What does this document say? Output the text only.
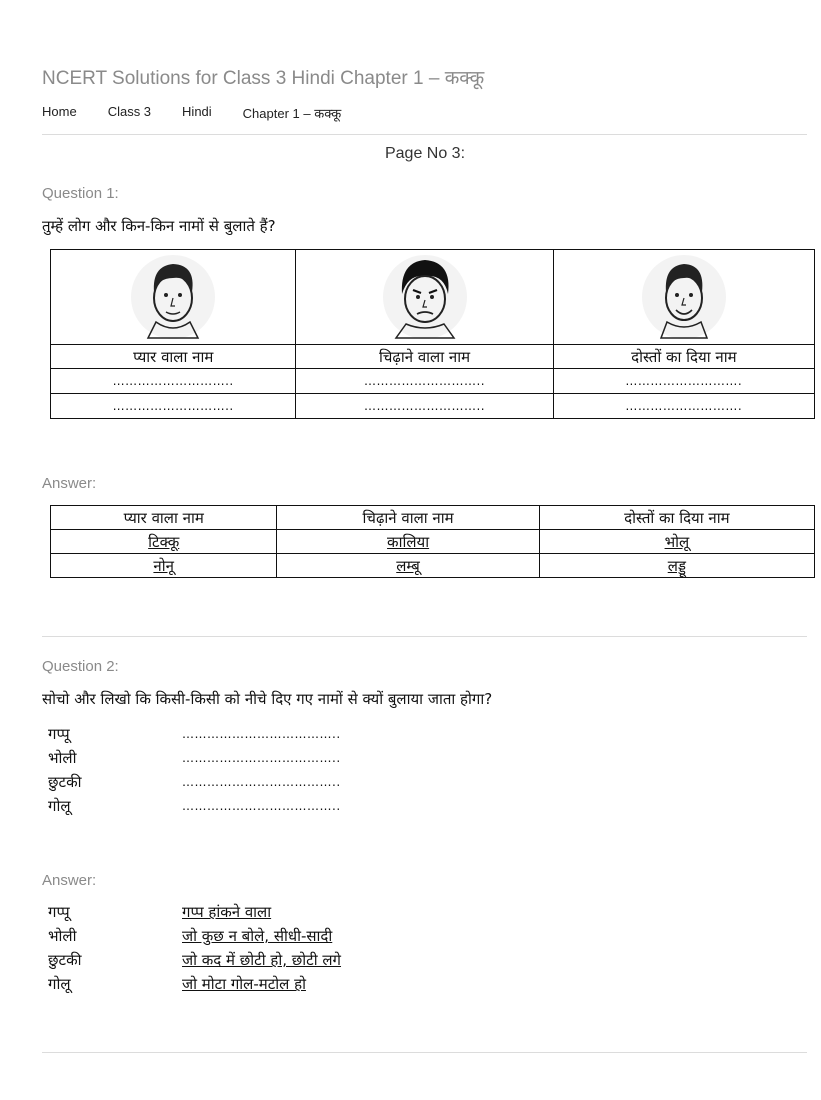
NCERT Solutions for Class 3 Hindi Chapter 1 – कक्कू
Home Class 3 Hindi Chapter 1 – कक्कू
Page No 3:
Question 1:
तुम्हें लोग और किन-किन नामों से बुलाते हैं?

प्यार वाला नाम	चिढ़ाने वाला नाम	दोस्तों का दिया नाम
………………………..	………………………..	……………………….
………………………..	………………………..	……………………….
Answer:
प्यार वाला नाम	चिढ़ाने वाला नाम	दोस्तों का दिया नाम
टिक्कू	कालिया	भोलू
नोनू	लम्बू	लड्डू
Question 2:
सोचो और लिखो कि किसी-किसी को नीचे दिए गए नामों से क्यों बुलाया जाता होगा?
गप्पू	………………………………..
भोली	………………………………..
छुटकी	………………………………..
गोलू	………………………………..
Answer:
गप्पू	गप्प हांकने वाला
भोली	जो कुछ न बोले, सीधी-सादी
छुटकी	जो कद में छोटी हो, छोटी लगे
गोलू	जो मोटा गोल-मटोल हो
